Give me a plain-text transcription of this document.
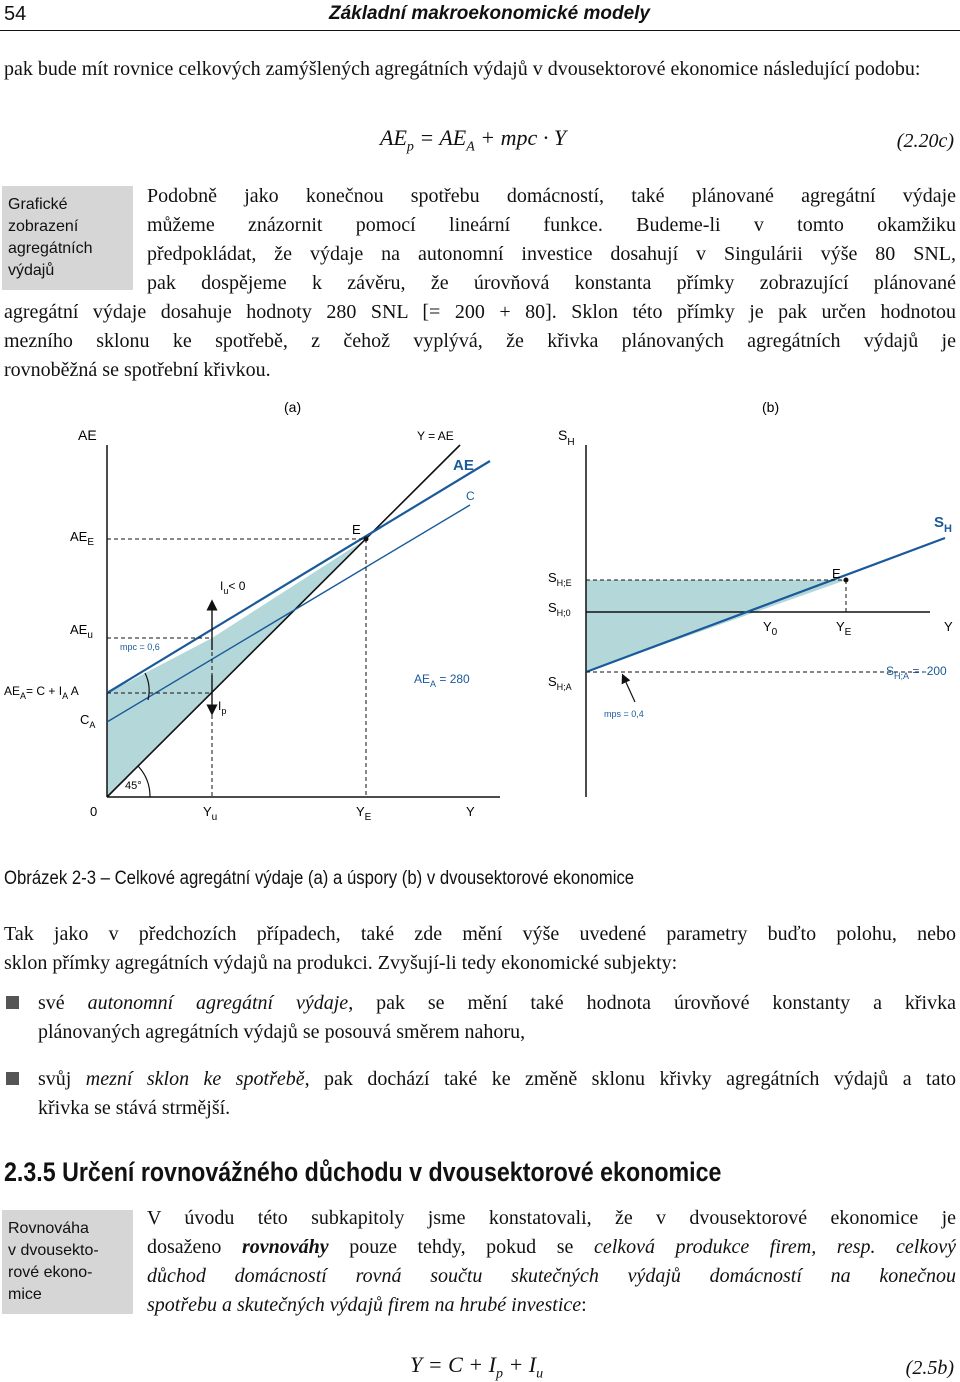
54	Základní makroekonomické modely
pak bude mít rovnice celkových zamýšlených agregátních výdajů v dvousektorové ekonomice následující podobu:
$AE_p = AE_A$ + mpc · Y	(2.20c)
Grafické
zobrazení
agregátních
výdajů
Podobně jako konečnou spotřebu domácností, také plánované agregátní výdaje
můžeme znázornit pomocí lineární funkce. Budeme-li v tomto okamžiku
předpokládat, že výdaje na autonomní investice dosahují v Singulárii výše 80 SNL,
pak dospějeme k závěru, že úrovňová konstanta přímky zobrazující plánované
agregátní výdaje dosahuje hodnoty 280 SNL [= 200 + 80]. Sklon této přímky je pak určen hodnotou
mezního sklonu ke spotřebě, z čehož vyplývá, že křivka plánovaných agregátních výdajů je
rovnoběžná se spotřební křivkou.
(a)
AE	Y = AE
AE
C
E
$AE_E$
$AE_u$
$I_u< 0$
$I_p$
mpc = 0,6
$AE_A = 280$
$AE_A= C + I_A$ A
$C_A$
45°
0	$Y_u$	$Y_E$	Y
(b)
$S_H$
$S_H$
$S_{H;E}$
$S_{H;0}$
$S_{H;A}$
E
$Y_0$	$Y_E$	Y
mps = 0,4
$S_{H;A} = -200$
Obrázek 2-3 – Celkové agregátní výdaje (a) a úspory (b) v dvousektorové ekonomice
Tak jako v předchozích případech, také zde mění výše uvedené parametry buďto polohu, nebo
sklon přímky agregátních výdajů na produkci. Zvyšují-li tedy ekonomické subjekty:
své autonomní agregátní výdaje, pak se mění také hodnota úrovňové konstanty a křivka
plánovaných agregátních výdajů se posouvá směrem nahoru,
svůj mezní sklon ke spotřebě, pak dochází také ke změně sklonu křivky agregátních výdajů a tato
křivka se stává strmější.
2.3.5 Určení rovnovážného důchodu v dvousektorové ekonomice
Rovnováha
v dvousekto-
rové ekono-
mice
V úvodu této subkapitoly jsme konstatovali, že v dvousektorové ekonomice je
dosaženo rovnováhy pouze tehdy, pokud se celková produkce firem, resp. celkový
důchod domácností rovná součtu skutečných výdajů domácností na konečnou
spotřebu a skutečných výdajů firem na hrubé investice:
$Y = C + I_p + I_u$	(2.5b)
